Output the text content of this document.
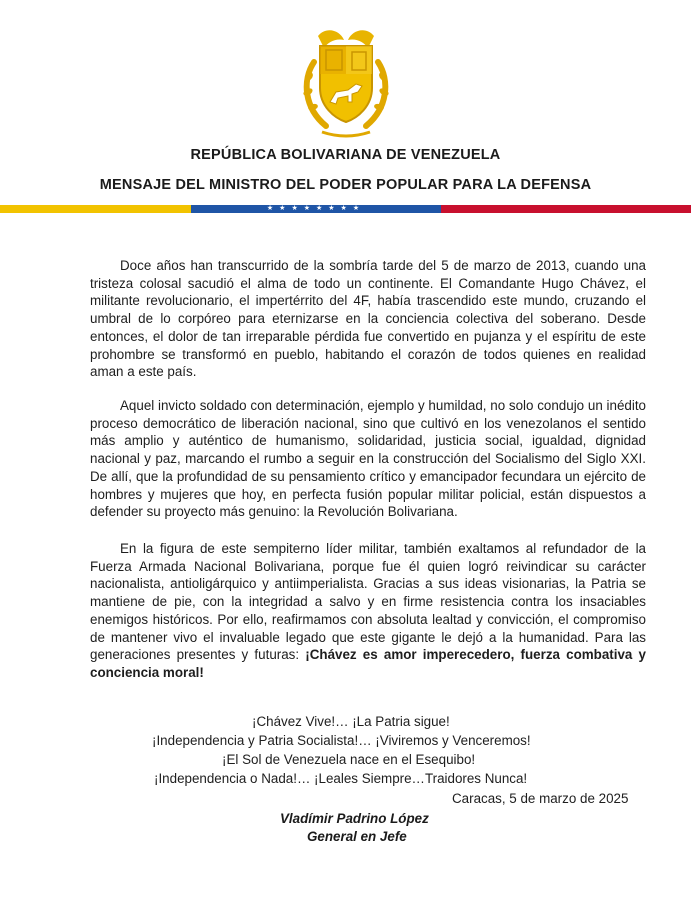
REPÚBLICA BOLIVARIANA DE VENEZUELA
MENSAJE DEL MINISTRO DEL PODER POPULAR PARA LA DEFENSA
★★★★★★★★

Doce años han transcurrido de la sombría tarde del 5 de marzo de 2013, cuando una tristeza colosal sacudió el alma de todo un continente. El Comandante Hugo Chávez, el militante revolucionario, el impertérrito del 4F, había trascendido este mundo, cruzando el umbral de lo corpóreo para eternizarse en la conciencia colectiva del soberano. Desde entonces, el dolor de tan irreparable pérdida fue convertido en pujanza y el espíritu de este prohombre se transformó en pueblo, habitando el corazón de todos quienes en realidad aman a este país.

Aquel invicto soldado con determinación, ejemplo y humildad, no solo condujo un inédito proceso democrático de liberación nacional, sino que cultivó en los venezolanos el sentido más amplio y auténtico de humanismo, solidaridad, justicia social, igualdad, dignidad nacional y paz, marcando el rumbo a seguir en la construcción del Socialismo del Siglo XXI. De allí, que la profundidad de su pensamiento crítico y emancipador fecundara un ejército de hombres y mujeres que hoy, en perfecta fusión popular militar policial, están dispuestos a defender su proyecto más genuino: la Revolución Bolivariana.

En la figura de este sempiterno líder militar, también exaltamos al refundador de la Fuerza Armada Nacional Bolivariana, porque fue él quien logró reivindicar su carácter nacionalista, antioligárquico y antiimperialista. Gracias a sus ideas visionarias, la Patria se mantiene de pie, con la integridad a salvo y en firme resistencia contra los insaciables enemigos históricos. Por ello, reafirmamos con absoluta lealtad y convicción, el compromiso de mantener vivo el invaluable legado que este gigante le dejó a la humanidad. Para las generaciones presentes y futuras: ¡Chávez es amor imperecedero, fuerza combativa y conciencia moral!

¡Chávez Vive!… ¡La Patria sigue!
¡Independencia y Patria Socialista!… ¡Viviremos y Venceremos!
¡El Sol de Venezuela nace en el Esequibo!
¡Independencia o Nada!… ¡Leales Siempre…Traidores Nunca!
Caracas, 5 de marzo de 2025
Vladímir Padrino López
General en Jefe
